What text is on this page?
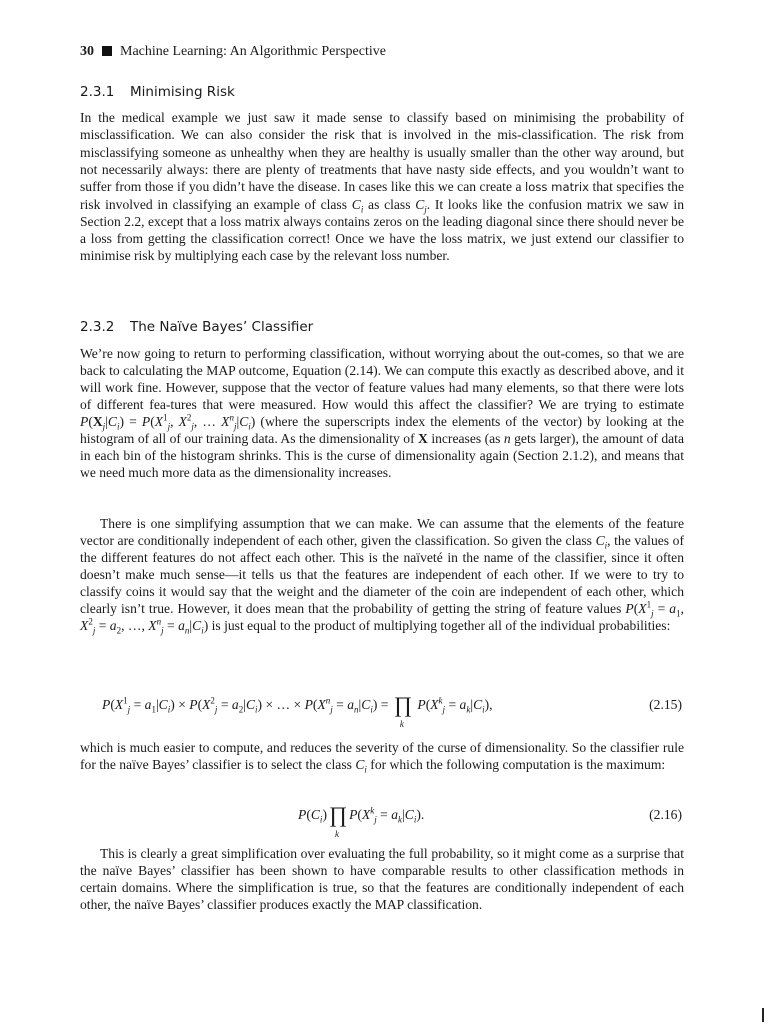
30 Machine Learning: An Algorithmic Perspective
2.3.1 Minimising Risk
In the medical example we just saw it made sense to classify based on minimising the probability of misclassification. We can also consider the risk that is involved in the mis-classification. The risk from misclassifying someone as unhealthy when they are healthy is usually smaller than the other way around, but not necessarily always: there are plenty of treatments that have nasty side effects, and you wouldn’t want to suffer from those if you didn’t have the disease. In cases like this we can create a loss matrix that specifies the risk involved in classifying an example of class $C_i$ as class $C_j$. It looks like the confusion matrix we saw in Section 2.2, except that a loss matrix always contains zeros on the leading diagonal since there should never be a loss from getting the classification correct! Once we have the loss matrix, we just extend our classifier to minimise risk by multiplying each case by the relevant loss number.
2.3.2 The Naïve Bayes’ Classifier
We’re now going to return to performing classification, without worrying about the out-comes, so that we are back to calculating the MAP outcome, Equation (2.14). We can compute this exactly as described above, and it will work fine. However, suppose that the vector of feature values had many elements, so that there were lots of different fea-tures that were measured. How would this affect the classifier? We are trying to estimate $P(X_j|C_i) = P(X^1_j$, $X^2_j$, … $X^n_j|C_i$) (where the superscripts index the elements of the vector) by looking at the histogram of all of our training data. As the dimensionality of X increases (as n gets larger), the amount of data in each bin of the histogram shrinks. This is the curse of dimensionality again (Section 2.1.2), and means that we need much more data as the dimensionality increases.
There is one simplifying assumption that we can make. We can assume that the elements of the feature vector are conditionally independent of each other, given the classification. So given the class $C_i$, the values of the different features do not affect each other. This is the naïveté in the name of the classifier, since it often doesn’t make much sense—it tells us that the features are independent of each other. If we were to try to classify coins it would say that the weight and the diameter of the coin are independent of each other, which clearly isn’t true. However, it does mean that the probability of getting the string of feature values $P(X^1_j = a_1$, $X^2_j = a_2$, …, $X^n_j = a_n|C_i$) is just equal to the product of multiplying together all of the individual probabilities:
$P(X^1_j = a_1|C_i) \times P(X^2_j = a_2|C_i)$ × … × $P(X^n_j = a_n|C_i)$ = ∏
k
$P(X^k_j = a_k|C_i)$,	(2.15)
which is much easier to compute, and reduces the severity of the curse of dimensionality. So the classifier rule for the naïve Bayes’ classifier is to select the class $C_i$ for which the following computation is the maximum:
$P(C_i)\prod$
k
$P(X^k_j = a_k|C_i)$.	(2.16)
This is clearly a great simplification over evaluating the full probability, so it might come as a surprise that the naïve Bayes’ classifier has been shown to have comparable results to other classification methods in certain domains. Where the simplification is true, so that the features are conditionally independent of each other, the naïve Bayes’ classifier produces exactly the MAP classification.
